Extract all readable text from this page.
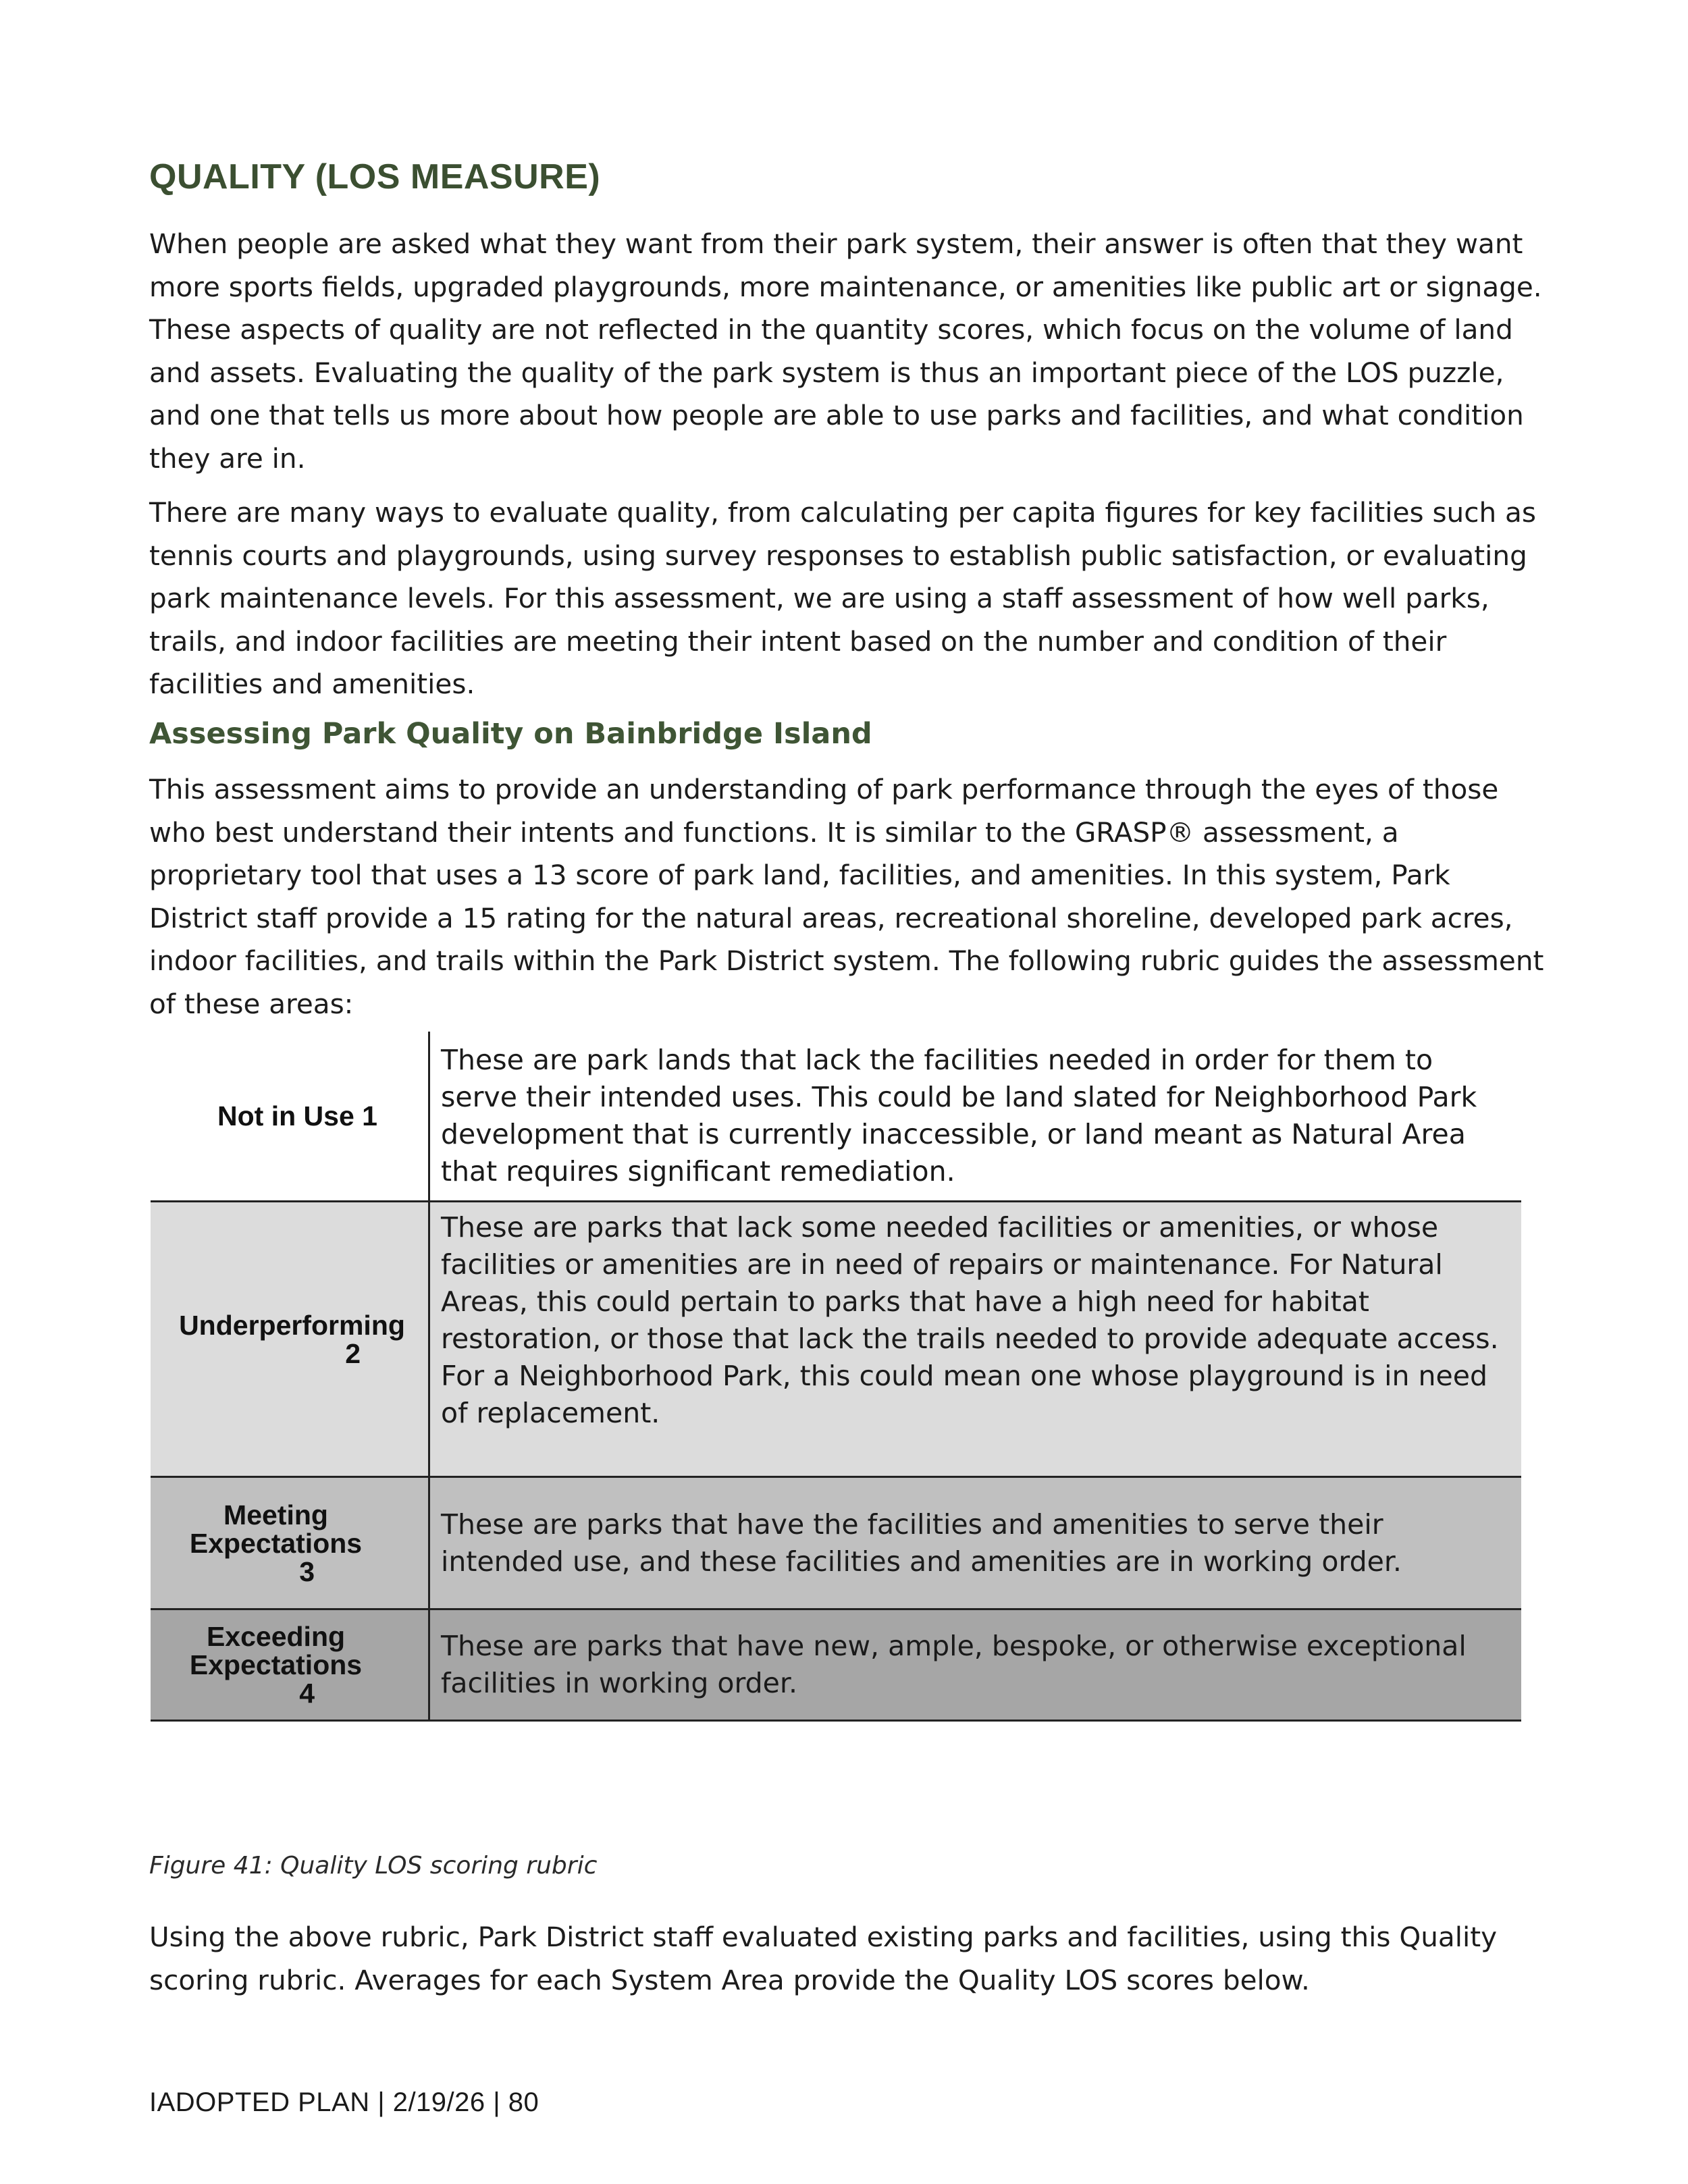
QUALITY (LOS MEASURE)

When people are asked what they want from their park system, their answer is often that they want more sports fields, upgraded playgrounds, more maintenance, or amenities like public art or signage. These aspects of quality are not reflected in the quantity scores, which focus on the volume of land and assets. Evaluating the quality of the park system is thus an important piece of the LOS puzzle, and one that tells us more about how people are able to use parks and facilities, and what condition they are in.

There are many ways to evaluate quality, from calculating per capita figures for key facilities such as tennis courts and playgrounds, using survey responses to establish public satisfaction, or evaluating park maintenance levels. For this assessment, we are using a staff assessment of how well parks, trails, and indoor facilities are meeting their intent based on the number and condition of their facilities and amenities.

Assessing Park Quality on Bainbridge Island

This assessment aims to provide an understanding of park performance through the eyes of those who best understand their intents and functions. It is similar to the GRASP® assessment, a proprietary tool that uses a 13 score of park land, facilities, and amenities. In this system, Park District staff provide a 15 rating for the natural areas, recreational shoreline, developed park acres, indoor facilities, and trails within the Park District system. The following rubric guides the assessment of these areas:

Not in Use 1	These are park lands that lack the facilities needed in order for them to serve their intended uses. This could be land slated for Neighborhood Park development that is currently inaccessible, or land meant as Natural Area that requires significant remediation.

Underperforming
2	These are parks that lack some needed facilities or amenities, or whose facilities or amenities are in need of repairs or maintenance. For Natural Areas, this could pertain to parks that have a high need for habitat restoration, or those that lack the trails needed to provide adequate access. For a Neighborhood Park, this could mean one whose playground is in need of replacement.

Meeting
Expectations
3	These are parks that have the facilities and amenities to serve their intended use, and these facilities and amenities are in working order.

Exceeding
Expectations
4	These are parks that have new, ample, bespoke, or otherwise exceptional facilities in working order.

Figure 41: Quality LOS scoring rubric

Using the above rubric, Park District staff evaluated existing parks and facilities, using this Quality scoring rubric. Averages for each System Area provide the Quality LOS scores below.

IADOPTED PLAN | 2/19/26 | 80
